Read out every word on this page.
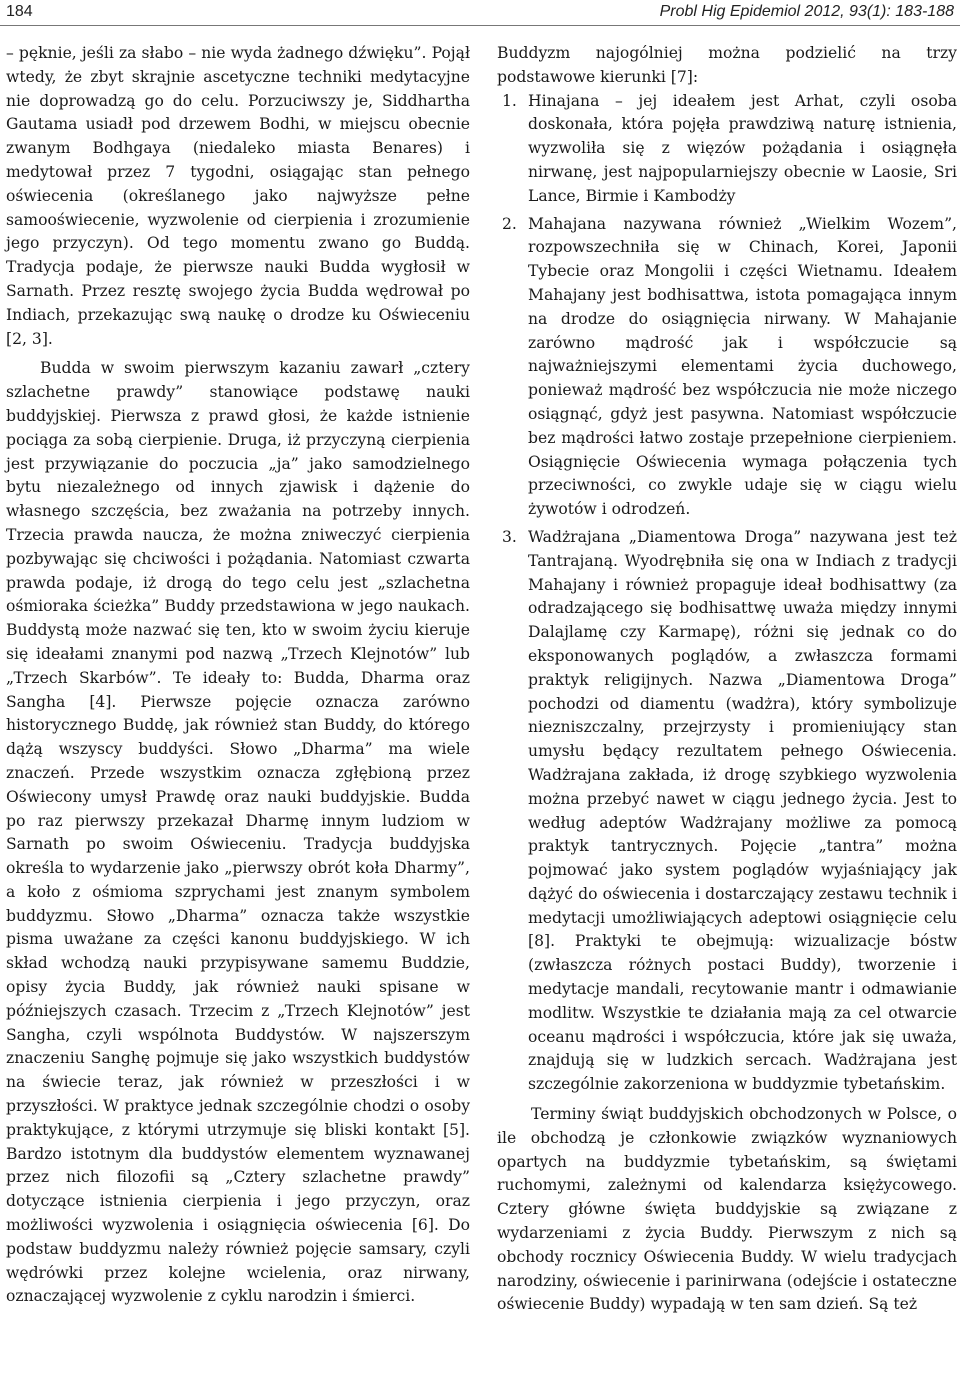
184	Probl Hig Epidemiol 2012, 93(1): 183-188

– pęknie, jeśli za słabo – nie wyda żadnego dźwięku”. Pojął wtedy, że zbyt skrajnie ascetyczne techniki medytacyjne nie doprowadzą go do celu. Porzuciwszy je, Siddhartha Gautama usiadł pod drzewem Bodhi, w miejscu obecnie zwanym Bodhgaya (niedaleko miasta Benares) i medytował przez 7 tygodni, osiągając stan pełnego oświecenia (określanego jako najwyższe pełne samooświecenie, wyzwolenie od cierpienia i zrozumienie jego przyczyn). Od tego momentu zwano go Buddą. Tradycja podaje, że pierwsze nauki Budda wygłosił w Sarnath. Przez resztę swojego życia Budda wędrował po Indiach, przekazując swą naukę o drodze ku Oświeceniu [2, 3].

Budda w swoim pierwszym kazaniu zawarł „cztery szlachetne prawdy” stanowiące podstawę nauki buddyjskiej. Pierwsza z prawd głosi, że każde istnienie pociąga za sobą cierpienie. Druga, iż przyczyną cierpienia jest przywiązanie do poczucia „ja” jako samodzielnego bytu niezależnego od innych zjawisk i dążenie do własnego szczęścia, bez zważania na potrzeby innych. Trzecia prawda naucza, że można zniweczyć cierpienia pozbywając się chciwości i pożądania. Natomiast czwarta prawda podaje, iż drogą do tego celu jest „szlachetna ośmioraka ścieżka” Buddy przedstawiona w jego naukach. Buddystą może nazwać się ten, kto w swoim życiu kieruje się ideałami znanymi pod nazwą „Trzech Klejnotów” lub „Trzech Skarbów”. Te ideały to: Budda, Dharma oraz Sangha [4]. Pierwsze pojęcie oznacza zarówno historycznego Buddę, jak również stan Buddy, do którego dążą wszyscy buddyści. Słowo „Dharma” ma wiele znaczeń. Przede wszystkim oznacza zgłębioną przez Oświecony umysł Prawdę oraz nauki buddyjskie. Budda po raz pierwszy przekazał Dharmę innym ludziom w Sarnath po swoim Oświeceniu. Tradycja buddyjska określa to wydarzenie jako „pierwszy obrót koła Dharmy”, a koło z ośmioma szprychami jest znanym symbolem buddyzmu. Słowo „Dharma” oznacza także wszystkie pisma uważane za części kanonu buddyjskiego. W ich skład wchodzą nauki przypisywane samemu Buddzie, opisy życia Buddy, jak również nauki spisane w późniejszych czasach. Trzecim z „Trzech Klejnotów” jest Sangha, czyli wspólnota Buddystów. W najszerszym znaczeniu Sanghę pojmuje się jako wszystkich buddystów na świecie teraz, jak również w przeszłości i w przyszłości. W praktyce jednak szczególnie chodzi o osoby praktykujące, z którymi utrzymuje się bliski kontakt [5]. Bardzo istotnym dla buddystów elementem wyznawanej przez nich filozofii są „Cztery szlachetne prawdy” dotyczące istnienia cierpienia i jego przyczyn, oraz możliwości wyzwolenia i osiągnięcia oświecenia [6]. Do podstaw buddyzmu należy również pojęcie samsary, czyli wędrówki przez kolejne wcielenia, oraz nirwany, oznaczającej wyzwolenie z cyklu narodzin i śmierci.

Buddyzm najogólniej można podzielić na trzy podstawowe kierunki [7]:

1. Hinajana – jej ideałem jest Arhat, czyli osoba doskonała, która pojęła prawdziwą naturę istnienia, wyzwoliła się z więzów pożądania i osiągnęła nirwanę, jest najpopularniejszy obecnie w Laosie, Sri Lance, Birmie i Kambodży
2. Mahajana nazywana również „Wielkim Wozem”, rozpowszechniła się w Chinach, Korei, Japonii Tybecie oraz Mongolii i części Wietnamu. Ideałem Mahajany jest bodhisattwa, istota pomagająca innym na drodze do osiągnięcia nirwany. W Mahajanie zarówno mądrość jak i współczucie są najważniejszymi elementami życia duchowego, ponieważ mądrość bez współczucia nie może niczego osiągnąć, gdyż jest pasywna. Natomiast współczucie bez mądrości łatwo zostaje przepełnione cierpieniem. Osiągnięcie Oświecenia wymaga połączenia tych przeciwności, co zwykle udaje się w ciągu wielu żywotów i odrodzeń.
3. Wadżrajana „Diamentowa Droga” nazywana jest też Tantrajaną. Wyodrębniła się ona w Indiach z tradycji Mahajany i również propaguje ideał bodhisattwy (za odradzającego się bodhisattwę uważa między innymi Dalajlamę czy Karmapę), różni się jednak co do eksponowanych poglądów, a zwłaszcza formami praktyk religijnych. Nazwa „Diamentowa Droga” pochodzi od diamentu (wadżra), który symbolizuje niezniszczalny, przejrzysty i promieniujący stan umysłu będący rezultatem pełnego Oświecenia. Wadżrajana zakłada, iż drogę szybkiego wyzwolenia można przebyć nawet w ciągu jednego życia. Jest to według adeptów Wadżrajany możliwe za pomocą praktyk tantrycznych. Pojęcie „tantra” można pojmować jako system poglądów wyjaśniający jak dążyć do oświecenia i dostarczający zestawu technik i medytacji umożliwiających adeptowi osiągnięcie celu [8]. Praktyki te obejmują: wizualizacje bóstw (zwłaszcza różnych postaci Buddy), tworzenie i medytacje mandali, recytowanie mantr i odmawianie modlitw. Wszystkie te działania mają za cel otwarcie oceanu mądrości i współczucia, które jak się uważa, znajdują się w ludzkich sercach. Wadżrajana jest szczególnie zakorzeniona w buddyzmie tybetańskim.

Terminy świąt buddyjskich obchodzonych w Polsce, o ile obchodzą je członkowie związków wyznaniowych opartych na buddyzmie tybetańskim, są świętami ruchomymi, zależnymi od kalendarza księżycowego. Cztery główne święta buddyjskie są związane z wydarzeniami z życia Buddy. Pierwszym z nich są obchody rocznicy Oświecenia Buddy. W wielu tradycjach narodziny, oświecenie i parinirwana (odejście i ostateczne oświecenie Buddy) wypadają w ten sam dzień. Są też
